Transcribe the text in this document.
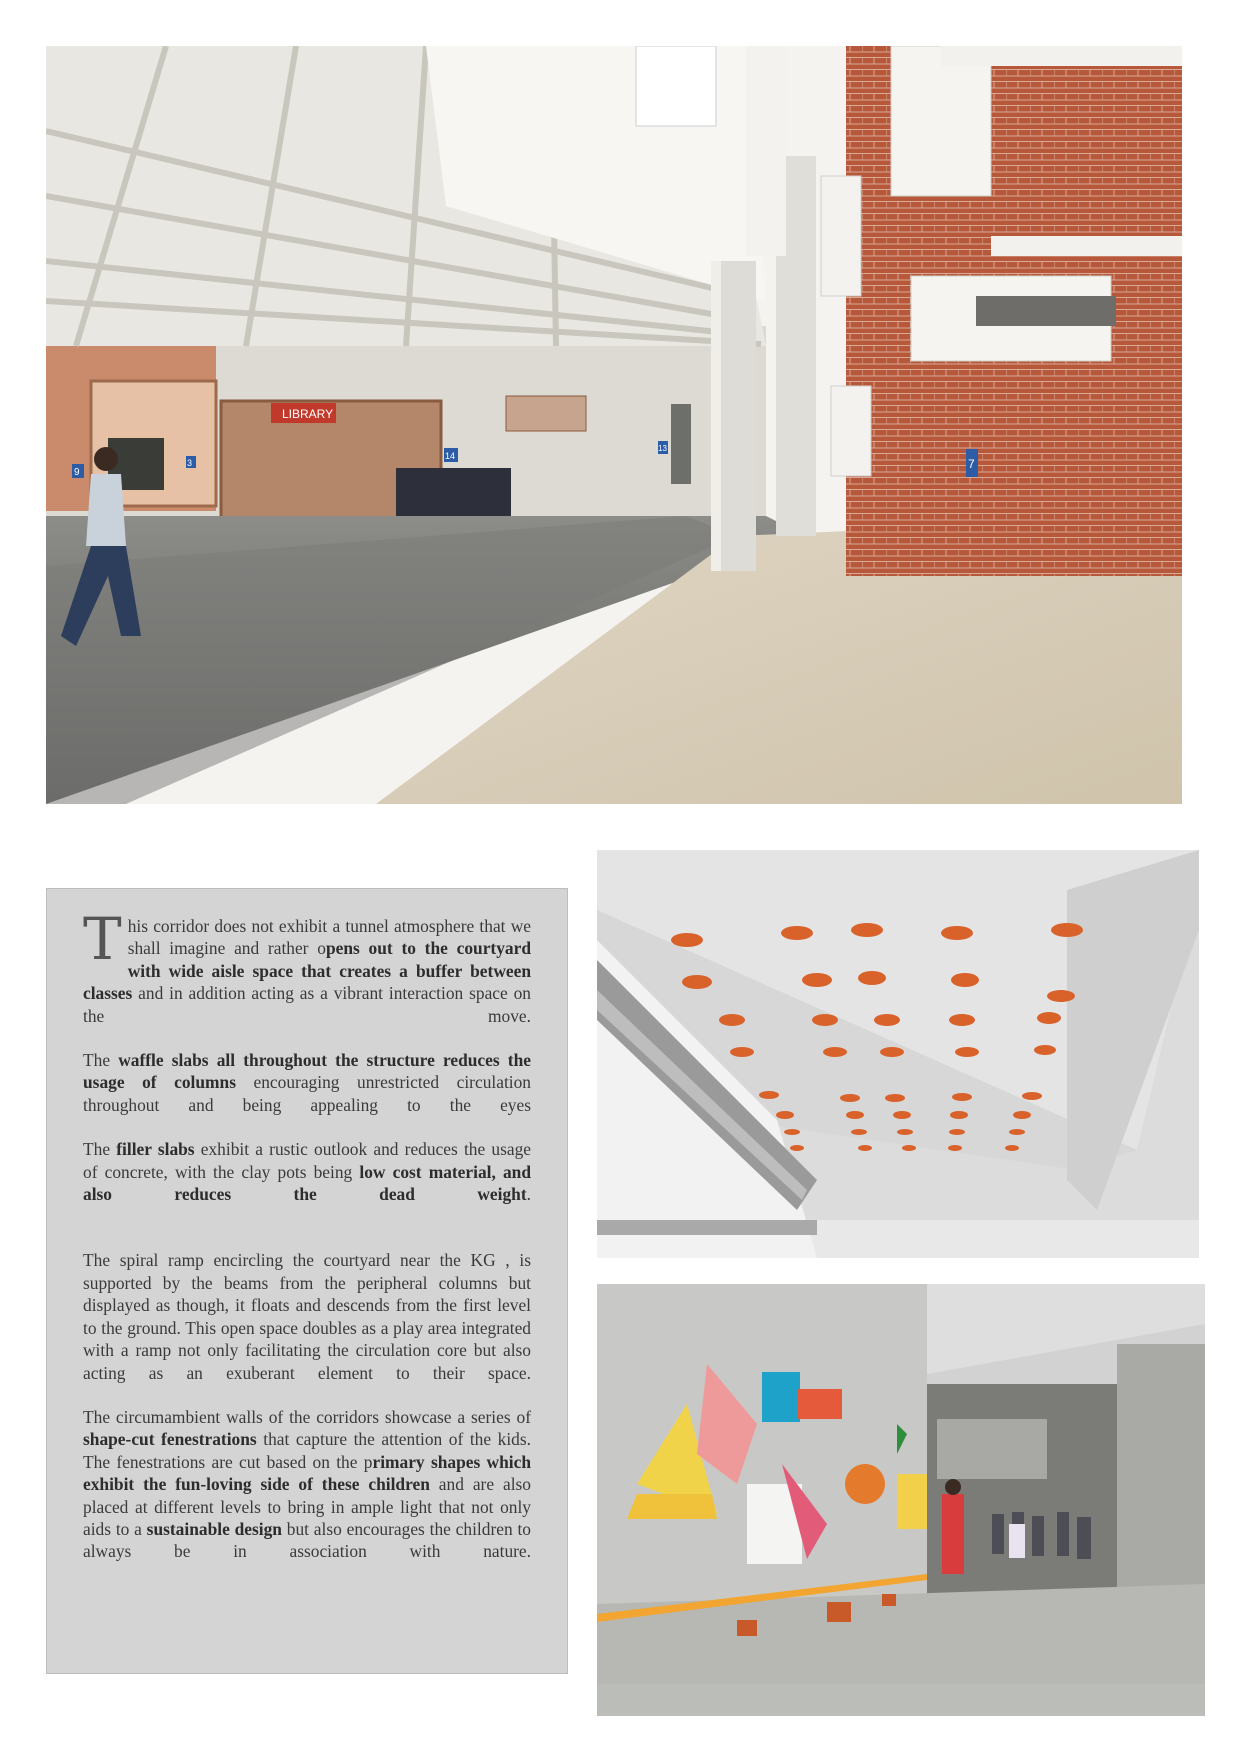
LIBRARY
9
3
14
13
7

This corridor does not exhibit a tunnel atmosphere that we shall imagine and rather opens out to the courtyard with wide aisle space that creates a buffer between classes and in addition acting as a vibrant interaction space on the move.

The waffle slabs all throughout the structure reduces the usage of columns encouraging unrestricted circulation throughout and being appealing to the eyes

The filler slabs exhibit a rustic outlook and reduces the usage of concrete, with the clay pots being low cost material, and also reduces the dead weight.

The spiral ramp encircling the courtyard near the KG , is supported by the beams from the peripheral columns but displayed as though, it floats and descends from the first level to the ground. This open space doubles as a play area integrated with a ramp not only facilitating the circulation core but also acting as an exuberant element to their space.

The circumambient walls of the corridors showcase a series of shape-cut fenestrations that capture the attention of the kids. The fenestrations are cut based on the primary shapes which exhibit the fun-loving side of these children and are also placed at different levels to bring in ample light that not only aids to a sustainable design but also encourages the children to always be in association with nature.
